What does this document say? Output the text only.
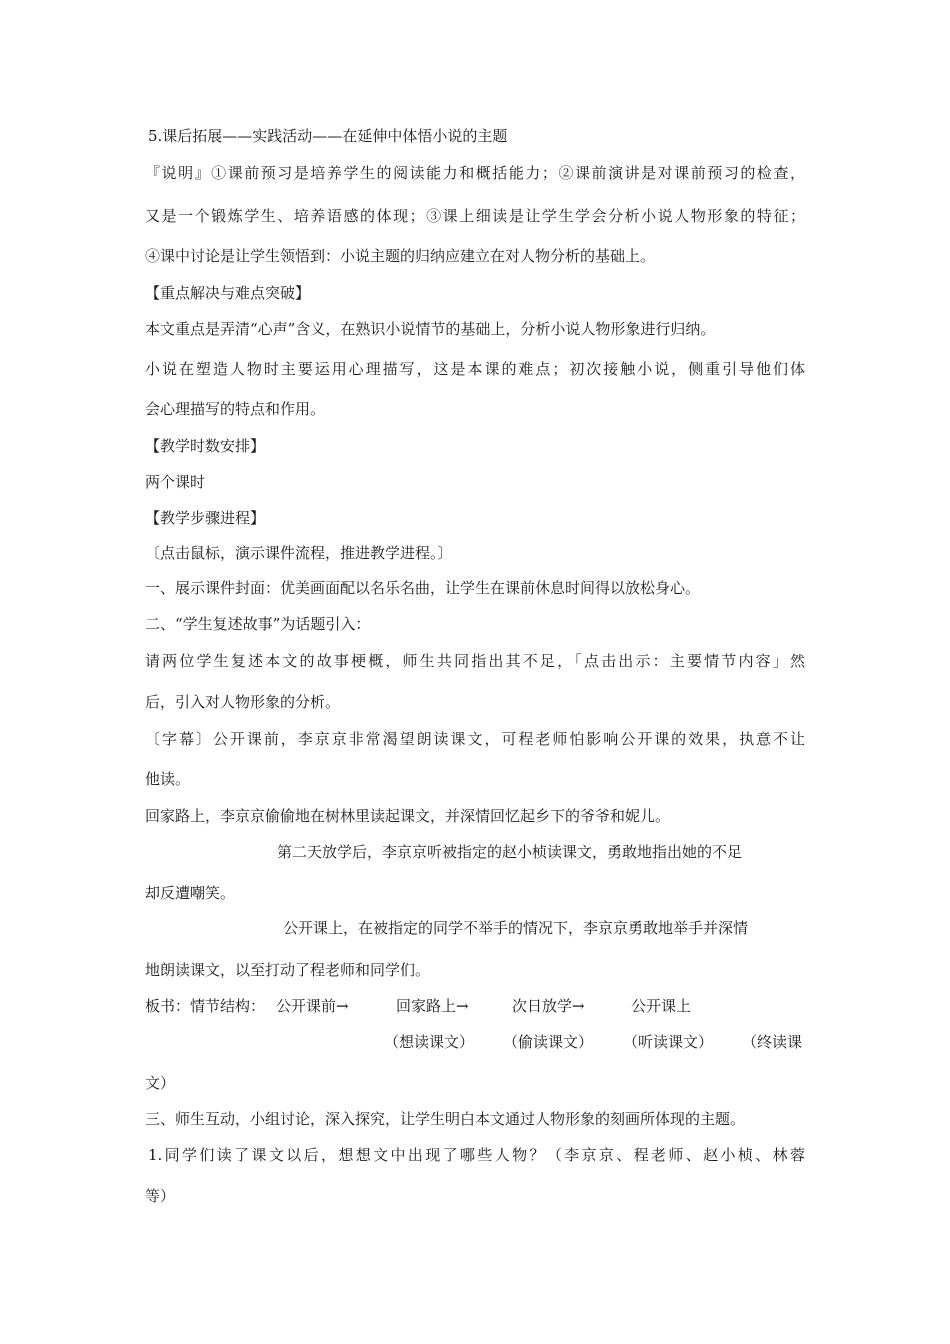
5.课后拓展——实践活动——在延伸中体悟小说的主题
『说明』①课前预习是培养学生的阅读能力和概括能力；②课前演讲是对课前预习的检查，
又是一个锻炼学生、培养语感的体现；③课上细读是让学生学会分析小说人物形象的特征；
④课中讨论是让学生领悟到：小说主题的归纳应建立在对人物分析的基础上。
【重点解决与难点突破】
本文重点是弄清“心声”含义，在熟识小说情节的基础上，分析小说人物形象进行归纳。
小说在塑造人物时主要运用心理描写，这是本课的难点；初次接触小说，侧重引导他们体
会心理描写的特点和作用。
【教学时数安排】
两个课时
【教学步骤进程】
〔点击鼠标，演示课件流程，推进教学进程。〕
一、展示课件封面：优美画面配以名乐名曲，让学生在课前休息时间得以放松身心。
二、“学生复述故事”为话题引入：
请两位学生复述本文的故事梗概，师生共同指出其不足，「点击出示：主要情节内容」然
后，引入对人物形象的分析。
〔字幕〕公开课前，李京京非常渴望朗读课文，可程老师怕影响公开课的效果，执意不让
他读。
回家路上，李京京偷偷地在树林里读起课文，并深情回忆起乡下的爷爷和妮儿。
第二天放学后，李京京听被指定的赵小桢读课文，勇敢地指出她的不足
却反遭嘲笑。
公开课上，在被指定的同学不举手的情况下，李京京勇敢地举手并深情
地朗读课文，以至打动了程老师和同学们。
板书：情节结构： 公开课前→	回家路上→	次日放学→	公开课上
（想读课文） （偷读课文） （听读课文） （终读课
文）
三、师生互动，小组讨论，深入探究，让学生明白本文通过人物形象的刻画所体现的主题。
1.同学们读了课文以后，想想文中出现了哪些人物？（李京京、程老师、赵小桢、林蓉
等）
